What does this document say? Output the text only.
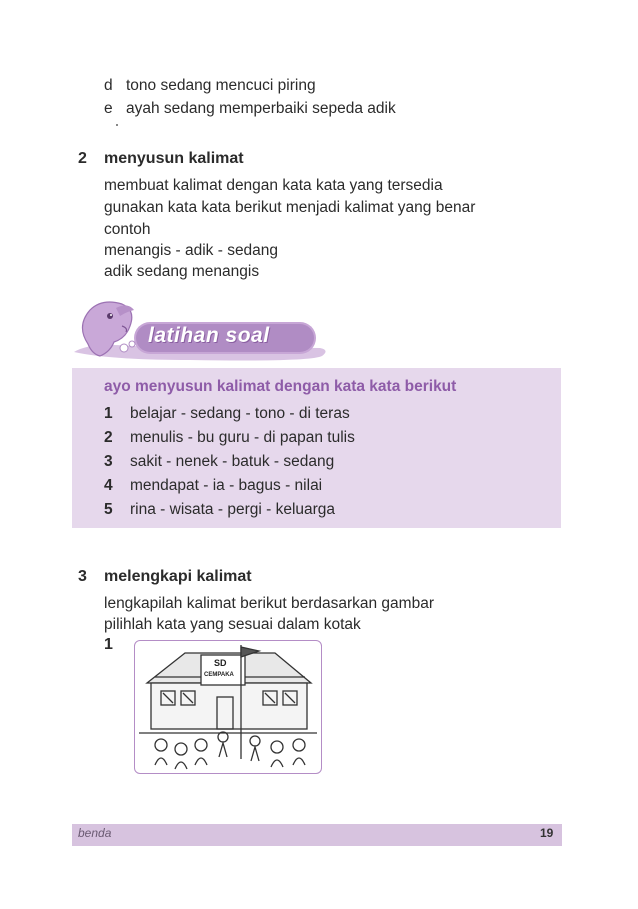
d tono sedang mencuci piring
e ayah sedang memperbaiki sepeda adik
2 menyusun kalimat
membuat kalimat dengan kata kata yang tersedia
gunakan kata kata berikut menjadi kalimat yang benar
contoh
menangis - adik - sedang
adik sedang menangis
latihan soal
ayo menyusun kalimat dengan kata kata berikut
1 belajar - sedang - tono - di teras
2 menulis - bu guru - di papan tulis
3 sakit - nenek - batuk - sedang
4 mendapat - ia - bagus - nilai
5 rina - wisata - pergi - keluarga
3 melengkapi kalimat
lengkapilah kalimat berikut berdasarkan gambar
pilihlah kata yang sesuai dalam kotak
1
SD
CEMPAKA
benda	19
